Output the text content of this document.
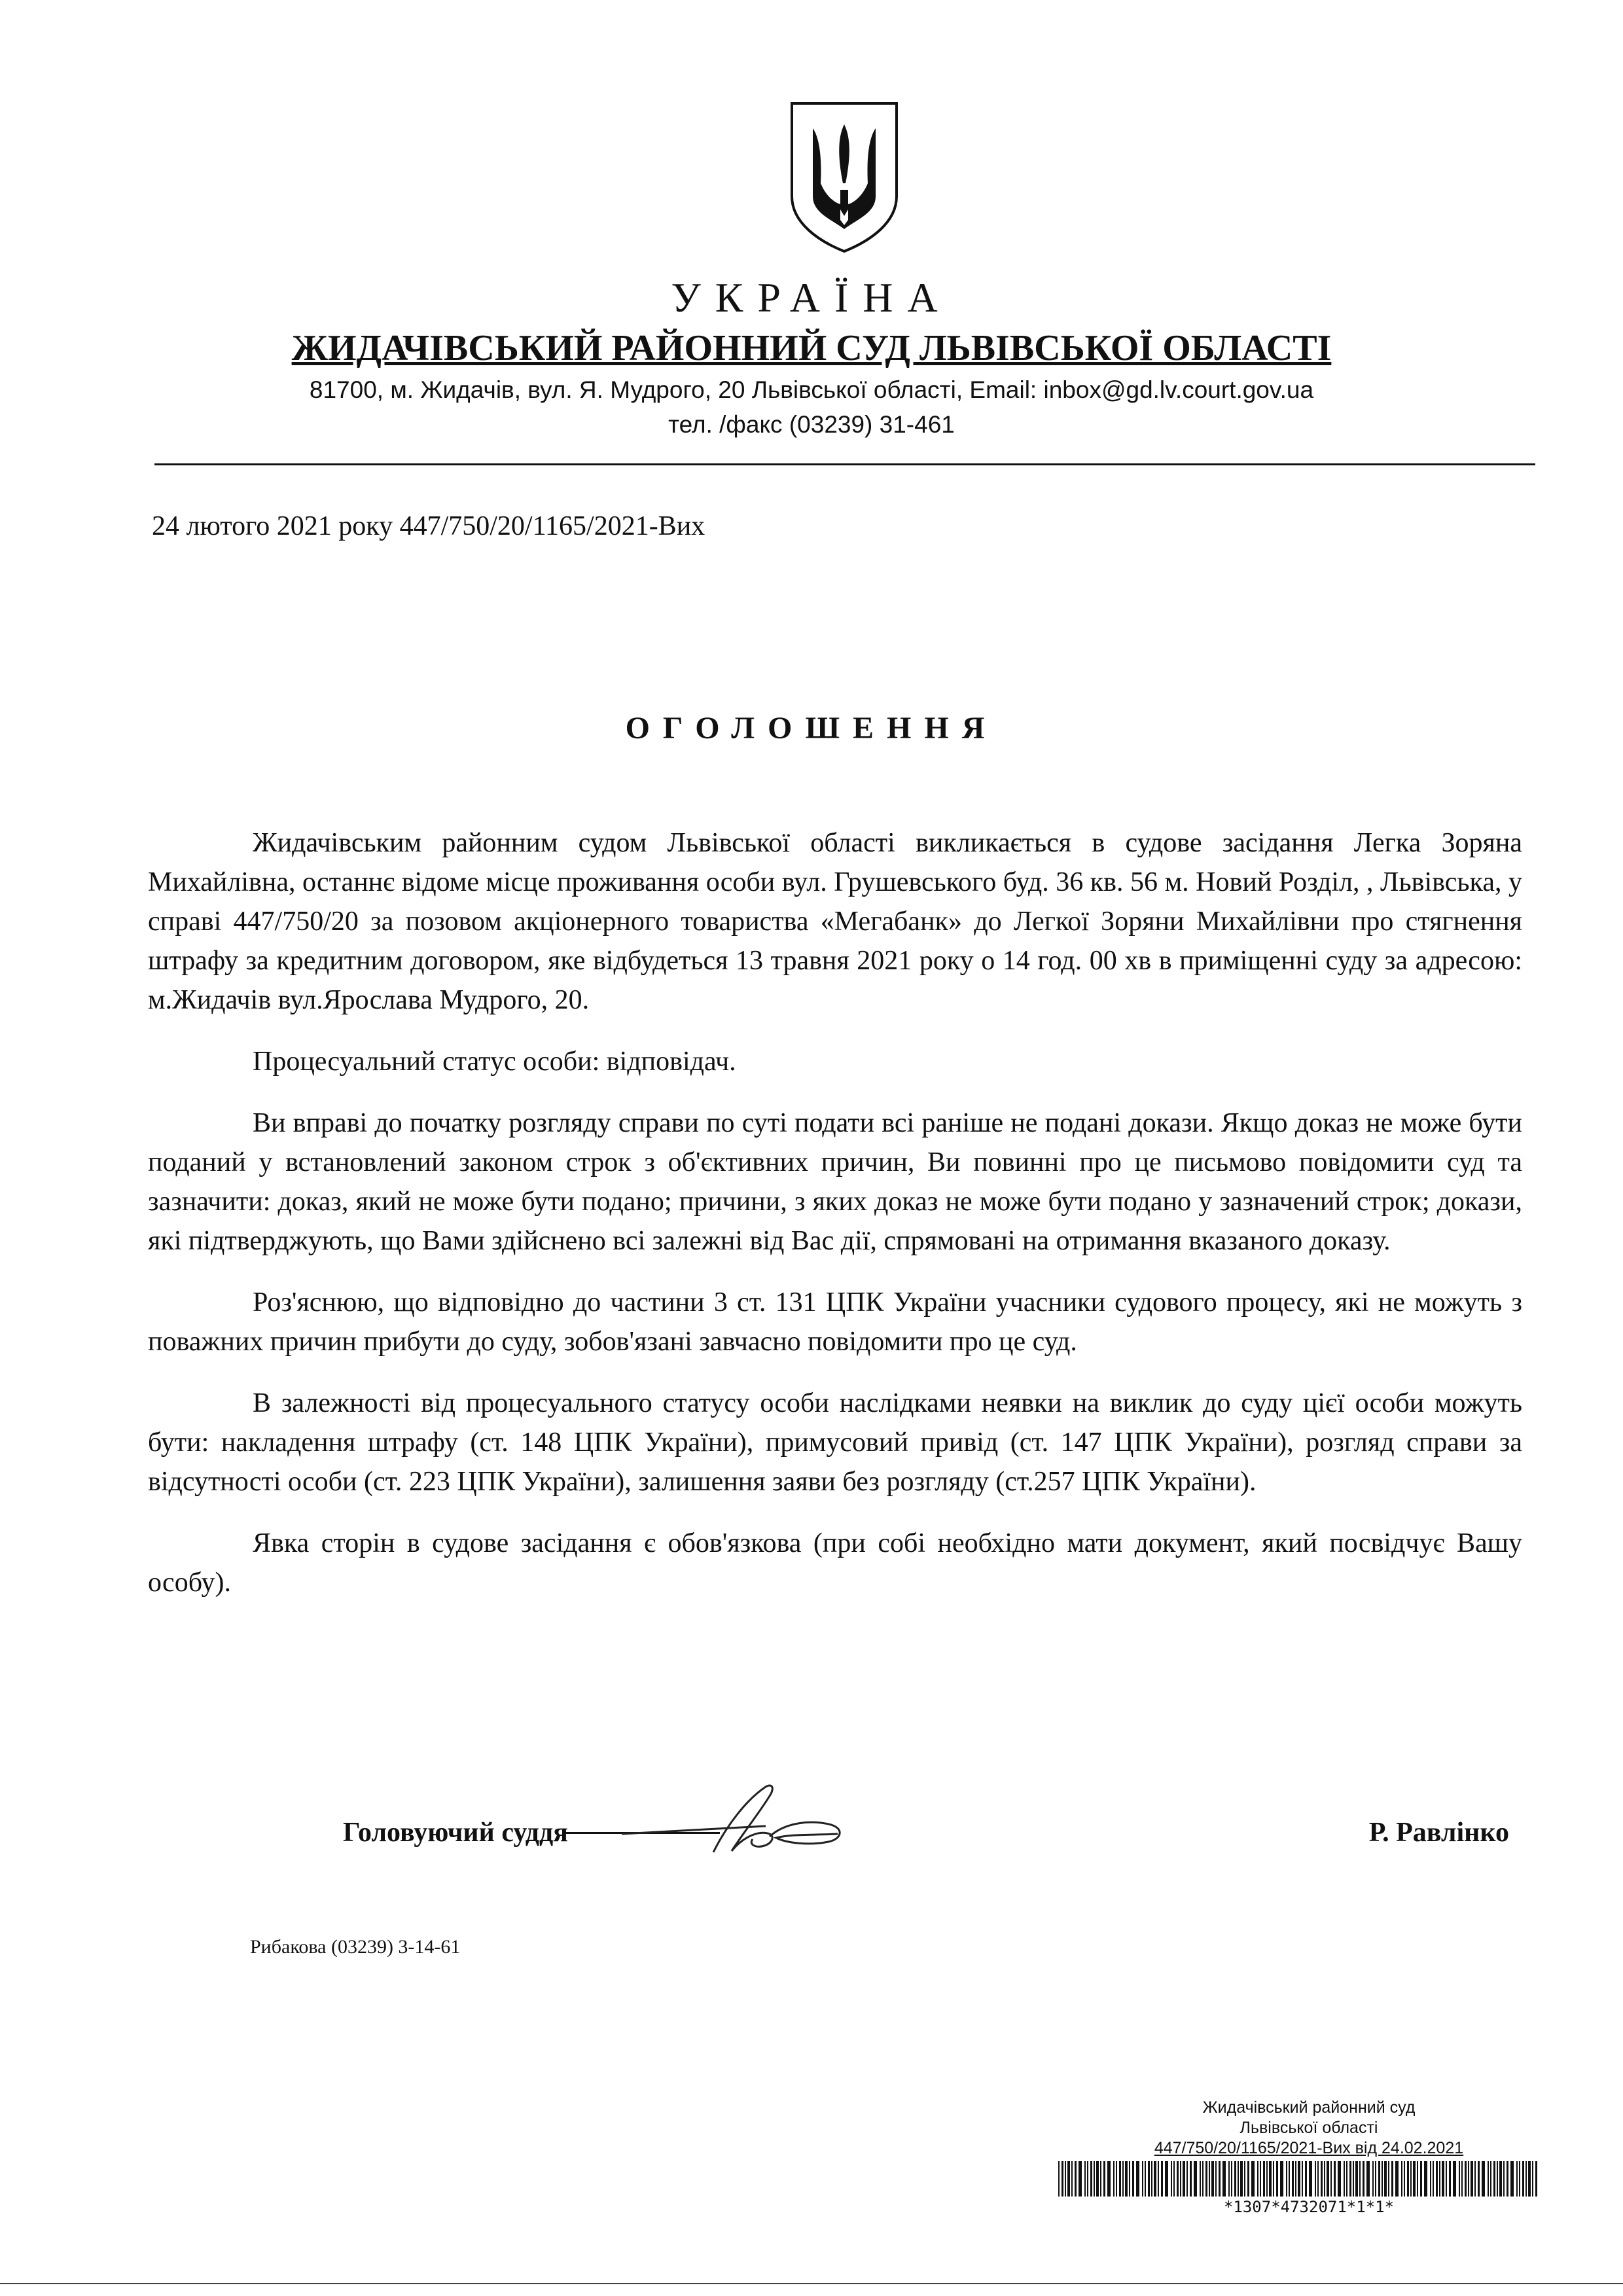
УКРАЇНА
ЖИДАЧІВСЬКИЙ РАЙОННИЙ СУД ЛЬВІВСЬКОЇ ОБЛАСТІ
81700, м. Жидачів, вул. Я. Мудрого, 20 Львівської області, Email: inbox@gd.lv.court.gov.ua
тел. /факс (03239) 31-461
24 лютого 2021 року 447/750/20/1165/2021-Вих
ОГОЛОШЕННЯ

Жидачівським районним судом Львівської області викликається в судове засідання Легка Зоряна Михайлівна, останнє відоме місце проживання особи вул. Грушевського буд. 36 кв. 56 м. Новий Розділ, , Львівська, у справі 447/750/20 за позовом акціонерного товариства «Мегабанк» до Легкої Зоряни Михайлівни про стягнення штрафу за кредитним договором, яке відбудеться 13 травня 2021 року о 14 год. 00 хв в приміщенні суду за адресою: м.Жидачів вул.Ярослава Мудрого, 20.

Процесуальний статус особи: відповідач.

Ви вправі до початку розгляду справи по суті подати всі раніше не подані докази. Якщо доказ не може бути поданий у встановлений законом строк з об'єктивних причин, Ви повинні про це письмово повідомити суд та зазначити: доказ, який не може бути подано; причини, з яких доказ не може бути подано у зазначений строк; докази, які підтверджують, що Вами здійснено всі залежні від Вас дії, спрямовані на отримання вказаного доказу.

Роз'яснюю, що відповідно до частини 3 ст. 131 ЦПК України учасники судового процесу, які не можуть з поважних причин прибути до суду, зобов'язані завчасно повідомити про це суд.

В залежності від процесуального статусу особи наслідками неявки на виклик до суду цієї особи можуть бути: накладення штрафу (ст. 148 ЦПК України), примусовий привід (ст. 147 ЦПК України), розгляд справи за відсутності особи (ст. 223 ЦПК України), залишення заяви без розгляду (ст.257 ЦПК України).

Явка сторін в судове засідання є обов'язкова (при собі необхідно мати документ, який посвідчує Вашу особу).

Головуючий суддя	Р. Равлінко
Рибакова (03239) 3-14-61
Жидачівський районний суд
Львівської області
447/750/20/1165/2021-Вих від 24.02.2021
*1307*4732071*1*1*
